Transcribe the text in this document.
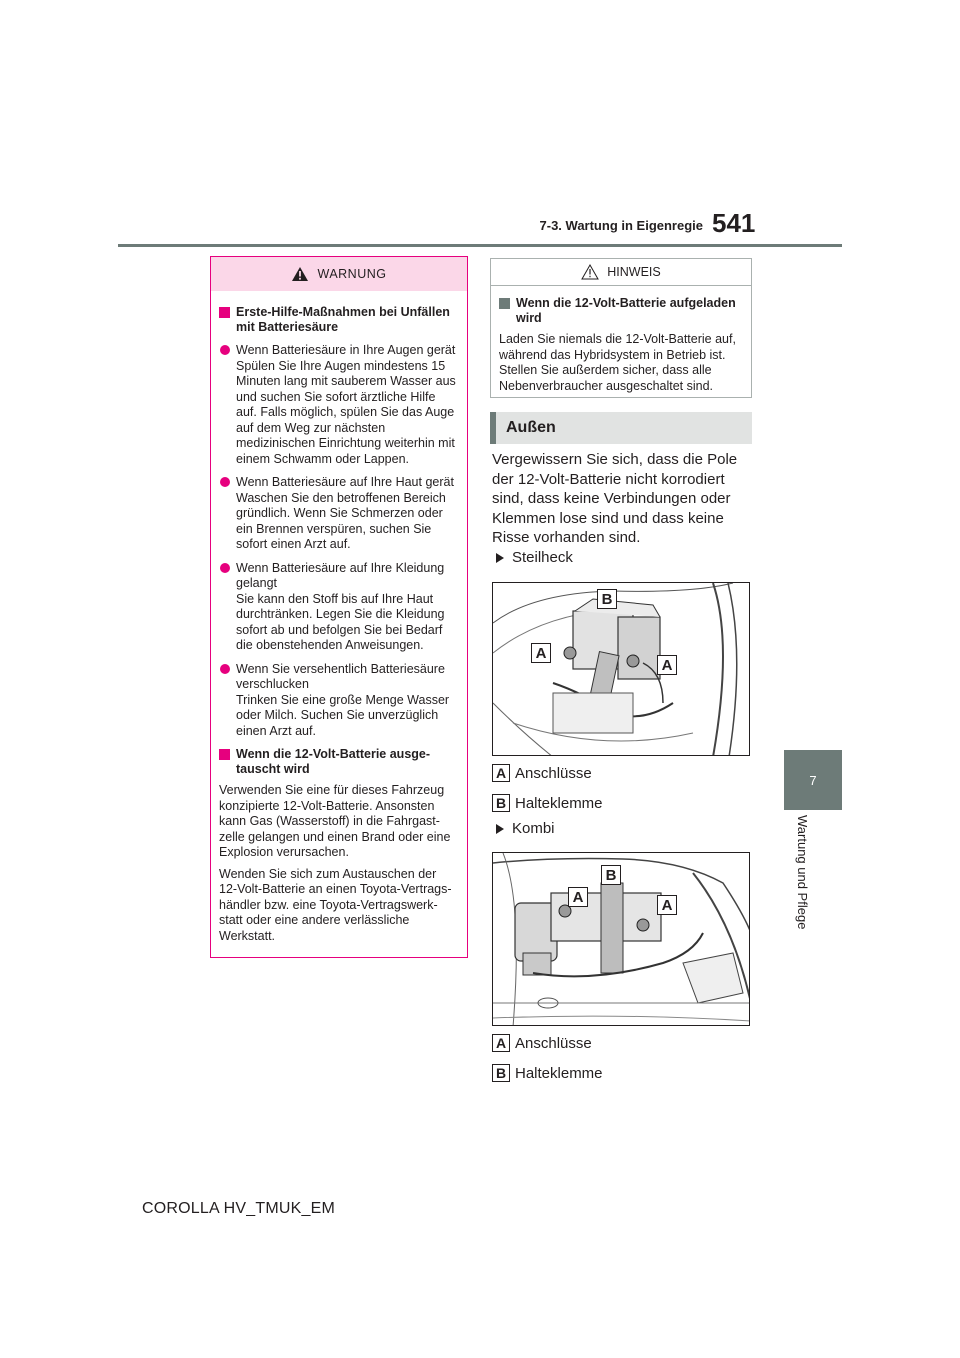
7-3. Wartung in Eigenregie 541
7
Wartung und Pflege
WARNUNG
Erste-Hilfe-Maßnahmen bei Unfällen mit Batteriesäure
Wenn Batteriesäure in Ihre Augen gerät
Spülen Sie Ihre Augen mindestens 15 Minuten lang mit sauberem Wasser aus und suchen Sie sofort ärztliche Hilfe auf. Falls möglich, spülen Sie das Auge auf dem Weg zur nächsten medizinischen Einrichtung weiterhin mit einem Schwamm oder Lappen.
Wenn Batteriesäure auf Ihre Haut gerät
Waschen Sie den betroffenen Bereich gründlich. Wenn Sie Schmerzen oder ein Brennen verspüren, suchen Sie sofort einen Arzt auf.
Wenn Batteriesäure auf Ihre Kleidung gelangt
Sie kann den Stoff bis auf Ihre Haut durchtränken. Legen Sie die Kleidung sofort ab und befolgen Sie bei Bedarf die obenstehenden Anweisungen.
Wenn Sie versehentlich Batteriesäure verschlucken
Trinken Sie eine große Menge Wasser oder Milch. Suchen Sie unverzüglich einen Arzt auf.
Wenn die 12-Volt-Batterie ausge-
tauscht wird
Verwenden Sie eine für dieses Fahrzeug konzipierte 12-Volt-Batterie. Ansonsten kann Gas (Wasserstoff) in die Fahrgast-
zelle gelangen und einen Brand oder eine Explosion verursachen.
Wenden Sie sich zum Austauschen der 12-Volt-Batterie an einen Toyota-Vertrags-
händler bzw. eine Toyota-Vertragswerk-
statt oder eine andere verlässliche Werkstatt.
HINWEIS
Wenn die 12-Volt-Batterie aufgeladen wird
Laden Sie niemals die 12-Volt-Batterie auf, während das Hybridsystem in Betrieb ist. Stellen Sie außerdem sicher, dass alle Nebenverbraucher ausgeschaltet sind.
Außen
Vergewissern Sie sich, dass die Pole
der 12-Volt-Batterie nicht korrodiert
sind, dass keine Verbindungen oder
Klemmen lose sind und dass keine
Risse vorhanden sind.
Steilheck
B
A
A
A Anschlüsse
B Halteklemme
Kombi
B
A	A
A Anschlüsse
B Halteklemme
COROLLA HV_TMUK_EM
